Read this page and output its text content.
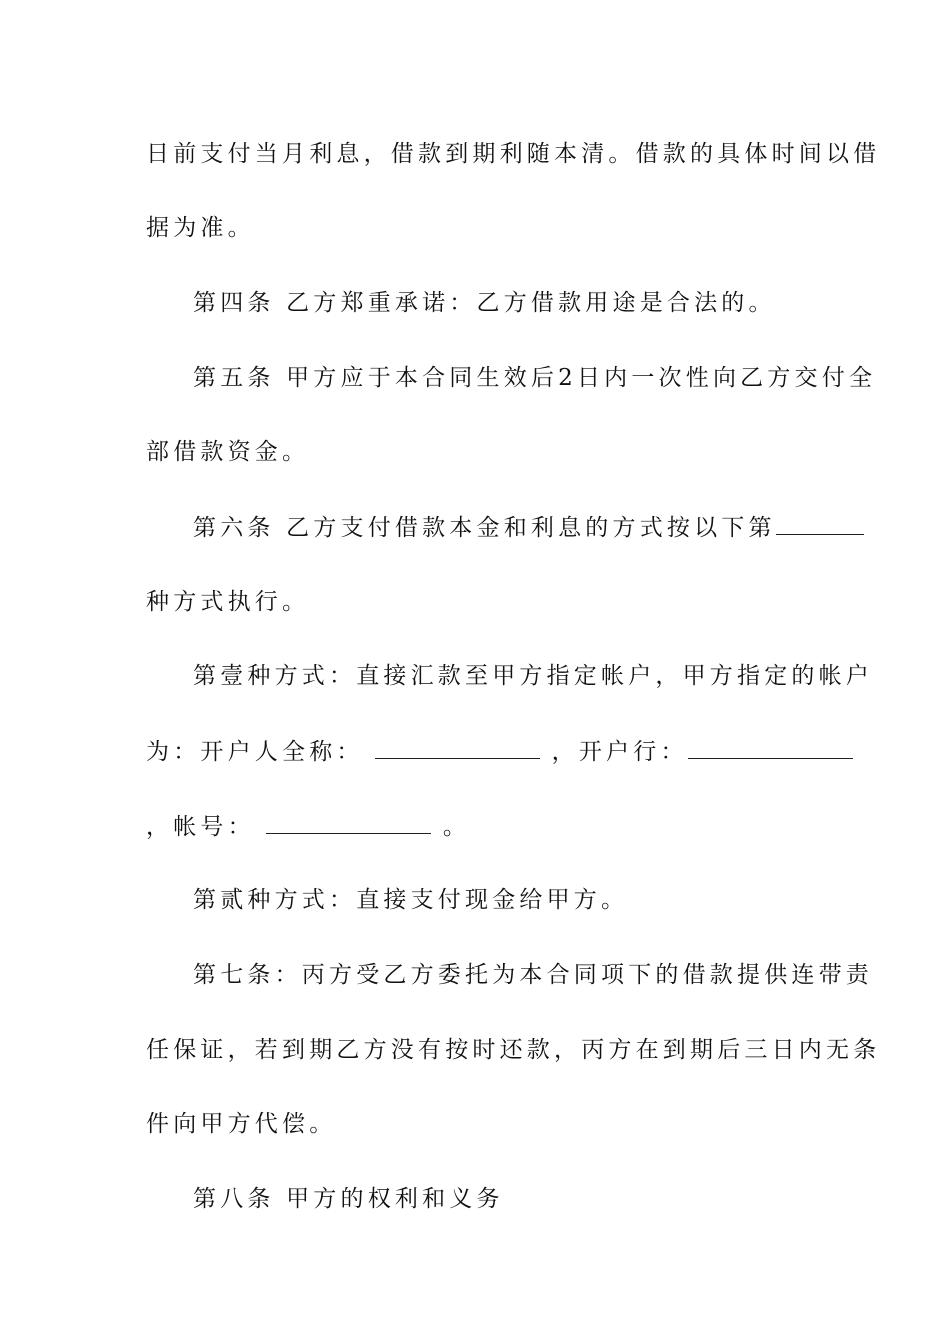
日前支付当月利息，借款到期利随本清。借款的具体时间以借
据为准。
第四条 乙方郑重承诺：乙方借款用途是合法的。
第五条 甲方应于本合同生效后2日内一次性向乙方交付全
部借款资金。
第六条 乙方支付借款本金和利息的方式按以下第
种方式执行。
第壹种方式：直接汇款至甲方指定帐户，甲方指定的帐户
为：开户人全称：	，开户行：
，帐号：	。
第贰种方式：直接支付现金给甲方。
第七条：丙方受乙方委托为本合同项下的借款提供连带责
任保证，若到期乙方没有按时还款，丙方在到期后三日内无条
件向甲方代偿。
第八条 甲方的权利和义务
